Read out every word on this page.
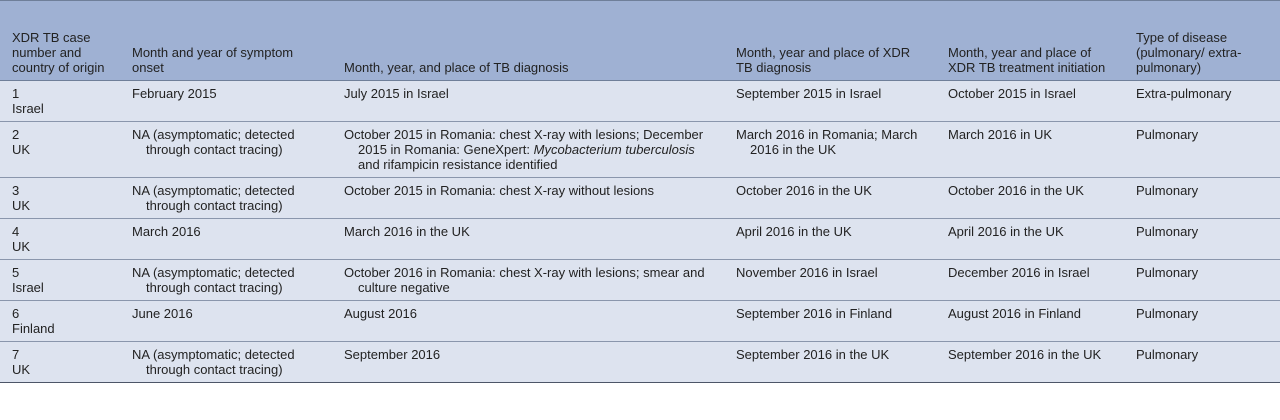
XDR TB case number and country of origin	Month and year of symptom onset	Month, year, and place of TB diagnosis	Month, year and place of XDR TB diagnosis	Month, year and place of XDR TB treatment initiation	Type of disease (pulmonary/ extra-pulmonary)

1
Israel	February 2015	July 2015 in Israel	September 2015 in Israel	October 2015 in Israel	Extra-pulmonary

2
UK	NA (asymptomatic; detected through contact tracing)	October 2015 in Romania: chest X-ray with lesions; December 2015 in Romania: GeneXpert: Mycobacterium tuberculosis and rifampicin resistance identified	March 2016 in Romania; March 2016 in the UK	March 2016 in UK	Pulmonary

3
UK	NA (asymptomatic; detected through contact tracing)	October 2015 in Romania: chest X-ray without lesions	October 2016 in the UK	October 2016 in the UK	Pulmonary

4
UK	March 2016	March 2016 in the UK	April 2016 in the UK	April 2016 in the UK	Pulmonary

5
Israel	NA (asymptomatic; detected through contact tracing)	October 2016 in Romania: chest X-ray with lesions; smear and culture negative	November 2016 in Israel	December 2016 in Israel	Pulmonary

6
Finland	June 2016	August 2016	September 2016 in Finland	August 2016 in Finland	Pulmonary

7
UK	NA (asymptomatic; detected through contact tracing)	September 2016	September 2016 in the UK	September 2016 in the UK	Pulmonary
